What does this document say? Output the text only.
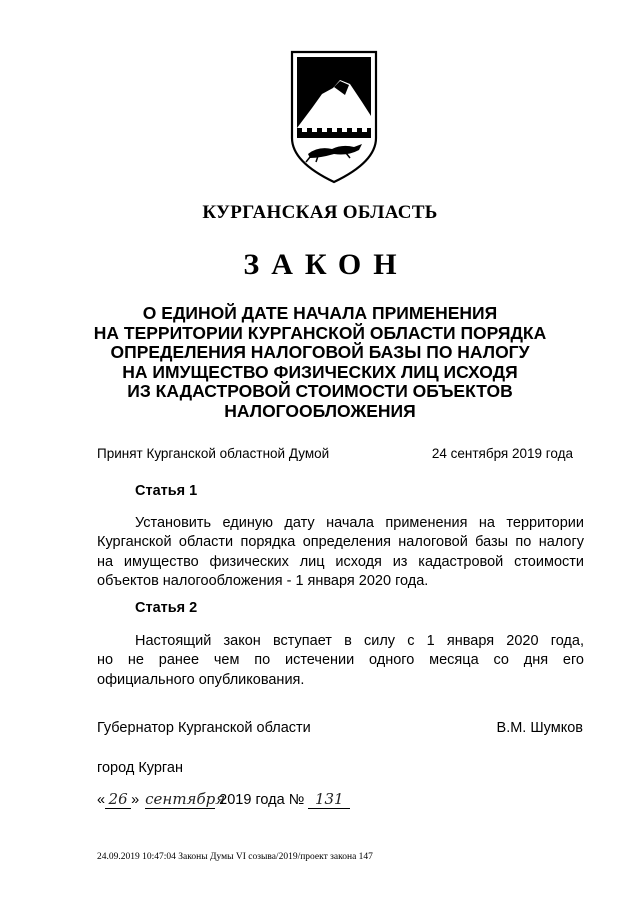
КУРГАНСКАЯ ОБЛАСТЬ
ЗАКОН
О ЕДИНОЙ ДАТЕ НАЧАЛА ПРИМЕНЕНИЯ
НА ТЕРРИТОРИИ КУРГАНСКОЙ ОБЛАСТИ ПОРЯДКА
ОПРЕДЕЛЕНИЯ НАЛОГОВОЙ БАЗЫ ПО НАЛОГУ
НА ИМУЩЕСТВО ФИЗИЧЕСКИХ ЛИЦ ИСХОДЯ
ИЗ КАДАСТРОВОЙ СТОИМОСТИ ОБЪЕКТОВ
НАЛОГООБЛОЖЕНИЯ
Принят Курганской областной Думой	24 сентября 2019 года
Статья 1
Установить единую дату начала применения на территории
Курганской области порядка определения налоговой базы по налогу
на имущество физических лиц исходя из кадастровой стоимости
объектов налогообложения - 1 января 2020 года.
Статья 2
Настоящий закон вступает в силу с 1 января 2020 года,
но не ранее чем по истечении одного месяца со дня его
официального опубликования.
Губернатор Курганской области	В.М. Шумков
город Курган
« 26 » сентября
2019 года № 131
24.09.2019 10:47:04 Законы Думы VI созыва/2019/проект закона 147
